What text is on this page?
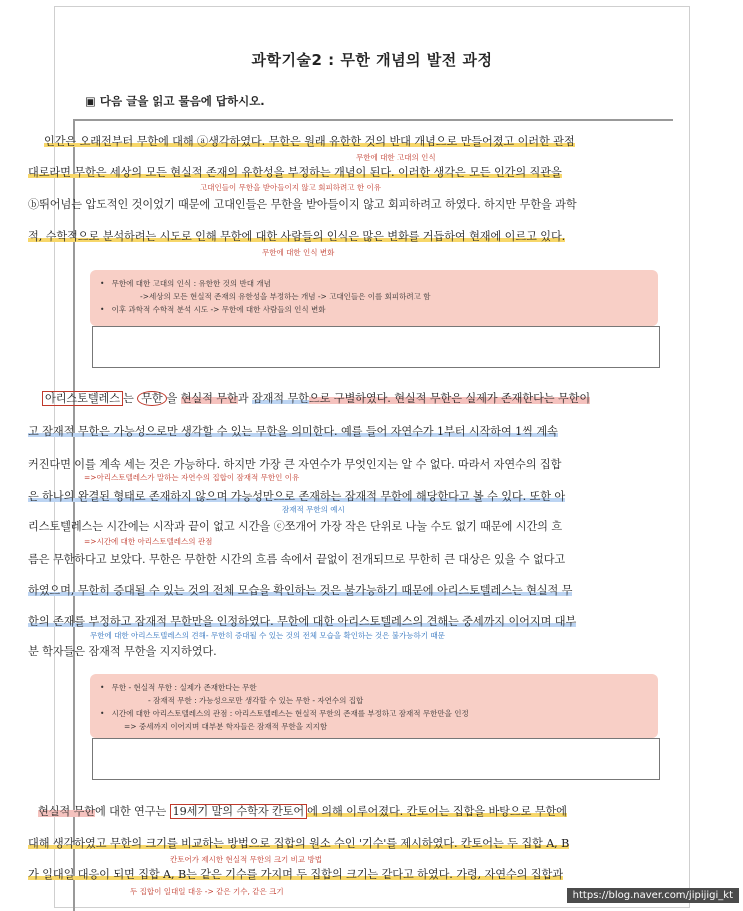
과학기술2 : 무한 개념의 발전 과정
▣ 다음 글을 읽고 물음에 답하시오.
인간은 오래전부터 무한에 대해 ⓐ생각하였다. 무한은 원래 유한한 것의 반대 개념으로 만들어졌고 이러한 관점
무한에 대한 고대의 인식
대로라면 무한은 세상의 모든 현실적 존재의 유한성을 부정하는 개념이 된다. 이러한 생각은 모든 인간의 직관을
고대인들이 무한을 받아들이지 않고 회피하려고 한 이유
ⓑ뛰어넘는 압도적인 것이었기 때문에 고대인들은 무한을 받아들이지 않고 회피하려고 하였다. 하지만 무한을 과학
적, 수학적으로 분석하려는 시도로 인해 무한에 대한 사람들의 인식은 많은 변화를 거듭하여 현재에 이르고 있다.
무한에 대한 인식 변화
•   무한에 대한 고대의 인식 : 유한한 것의 반대 개념
->세상의 모든 현실적 존재의 유한성을 부정하는 개념 -> 고대인들은 이를 회피하려고 함
•   이후 과학적 수학적 분석 시도 -> 무한에 대한 사람들의 인식 변화
아리스토텔레스 는 무한 을 현실적 무한과 잠재적 무한으로 구별하였다. 현실적 무한은 실제가 존재한다는 무한이
고 잠재적 무한은 가능성으로만 생각할 수 있는 무한을 의미한다. 예를 들어 자연수가 1부터 시작하여 1씩 계속
커진다면 이를 계속 세는 것은 가능하다. 하지만 가장 큰 자연수가 무엇인지는 알 수 없다. 따라서 자연수의 집합
=>아리스토텔레스가 말하는 자연수의 집합이 잠재적 무한인 이유
은 하나의 완결된 형태로 존재하지 않으며 가능성만으로 존재하는 잠재적 무한에 해당한다고 볼 수 있다. 또한 아
잠재적 무한의 예시
리스토텔레스는 시간에는 시작과 끝이 없고 시간을 ⓒ쪼개어 가장 작은 단위로 나눌 수도 없기 때문에 시간의 흐
=>시간에 대한 아리스토텔레스의 관점
름은 무한하다고 보았다. 무한은 무한한 시간의 흐름 속에서 끝없이 전개되므로 무한히 큰 대상은 있을 수 없다고
하였으며, 무한히 증대될 수 있는 것의 전체 모습을 확인하는 것은 불가능하기 때문에 아리스토텔레스는 현실적 무
한의 존재를 부정하고 잠재적 무한만을 인정하였다. 무한에 대한 아리스토텔레스의 견해는 중세까지 이어지며 대부
무한에 대한 아리스토텔레스의 견해- 무한히 증대될 수 있는 것의 전체 모습을 확인하는 것은 불가능하기 때문
분 학자들은 잠재적 무한을 지지하였다.
•   무한 - 현실적 무한 : 실제가 존재한다는 무한
- 잠재적 무한 : 가능성으로만 생각할 수 있는 무한 - 자연수의 집합
•   시간에 대한 아리스토텔레스의 관점 : 아리스토텔레스는 현실적 무한의 존재를 부정하고 잠재적 무한만을 인정
=> 중세까지 이어지며 대부분 학자들은 잠재적 무한을 지지함
현실적 무한에 대한 연구는 19세기 말의 수학자 칸토어 에 의해 이루어졌다. 칸토어는 집합을 바탕으로 무한에
대해 생각하였고 무한의 크기를 비교하는 방법으로 집합의 원소 수인 '기수'를 제시하였다. 칸토어는 두 집합 A, B
칸토어가 제시한 현실적 무한의 크기 비교 방법
가 일대일 대응이 되면 집합 A, B는 같은 기수를 가지며 두 집합의 크기는 같다고 하였다. 가령, 자연수의 집합과
두 집합이 일대일 대응 -> 같은 기수, 같은 크기	https://blog.naver.com/jipijigi_kt
